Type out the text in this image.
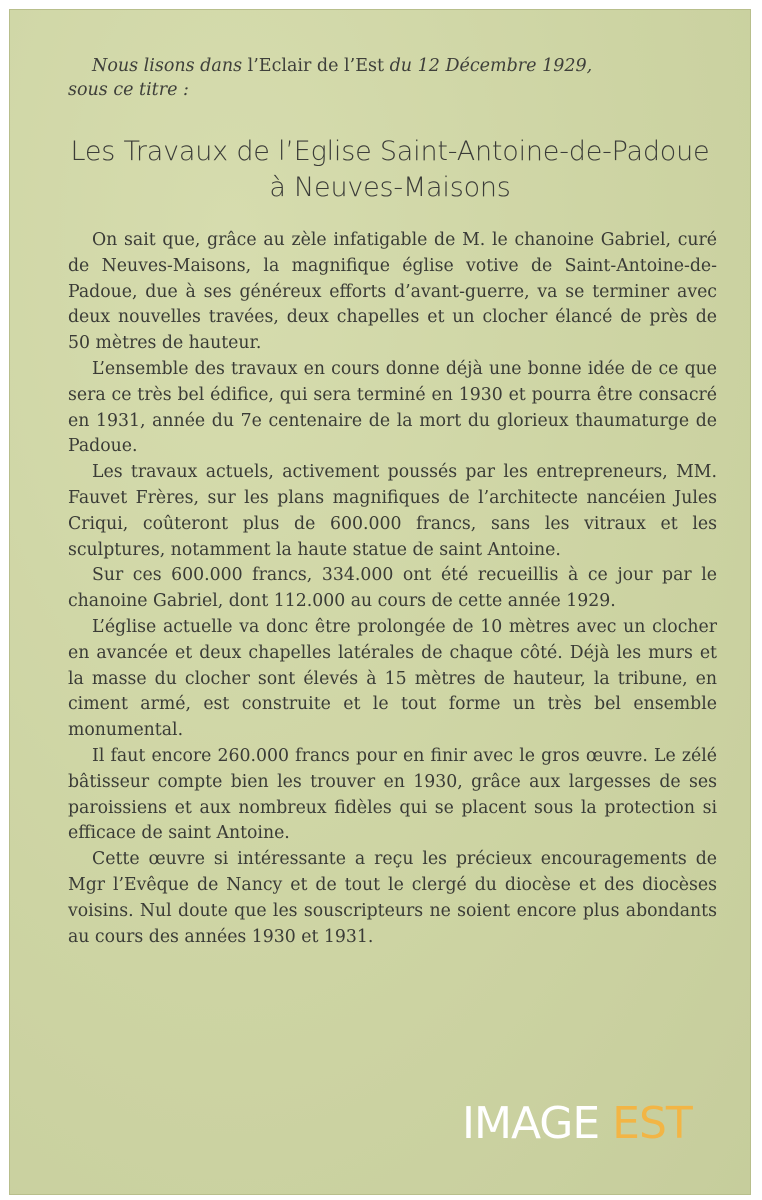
Nous lisons dans l’Eclair de l’Est du 12 Décembre 1929,
sous ce titre :
Les Travaux de l’Eglise Saint-Antoine-de-Padoue
à Neuves-Maisons

On sait que, grâce au zèle infatigable de M. le chanoine Gabriel, curé de Neuves-Maisons, la magnifique église votive de Saint-Antoine-de-Padoue, due à ses généreux efforts d’avant-guerre, va se terminer avec deux nouvelles travées, deux chapelles et un clocher élancé de près de 50 mètres de hauteur.

L’ensemble des travaux en cours donne déjà une bonne idée de ce que sera ce très bel édifice, qui sera terminé en 1930 et pourra être consacré en 1931, année du 7e centenaire de la mort du glorieux thaumaturge de Padoue.

Les travaux actuels, activement poussés par les entrepreneurs, MM. Fauvet Frères, sur les plans magnifiques de l’architecte nancéien Jules Criqui, coûteront plus de 600.000 francs, sans les vitraux et les sculptures, notamment la haute statue de saint Antoine.

Sur ces 600.000 francs, 334.000 ont été recueillis à ce jour par le chanoine Gabriel, dont 112.000 au cours de cette année 1929.

L’église actuelle va donc être prolongée de 10 mètres avec un clocher en avancée et deux chapelles latérales de chaque côté. Déjà les murs et la masse du clocher sont élevés à 15 mètres de hauteur, la tribune, en ciment armé, est construite et le tout forme un très bel ensemble monumental.

Il faut encore 260.000 francs pour en finir avec le gros œuvre. Le zélé bâtisseur compte bien les trouver en 1930, grâce aux largesses de ses paroissiens et aux nombreux fidèles qui se placent sous la protection si efficace de saint Antoine.

Cette œuvre si intéressante a reçu les précieux encouragements de Mgr l’Evêque de Nancy et de tout le clergé du diocèse et des diocèses voisins. Nul doute que les souscripteurs ne soient encore plus abondants au cours des années 1930 et 1931.

IMAGE EST
